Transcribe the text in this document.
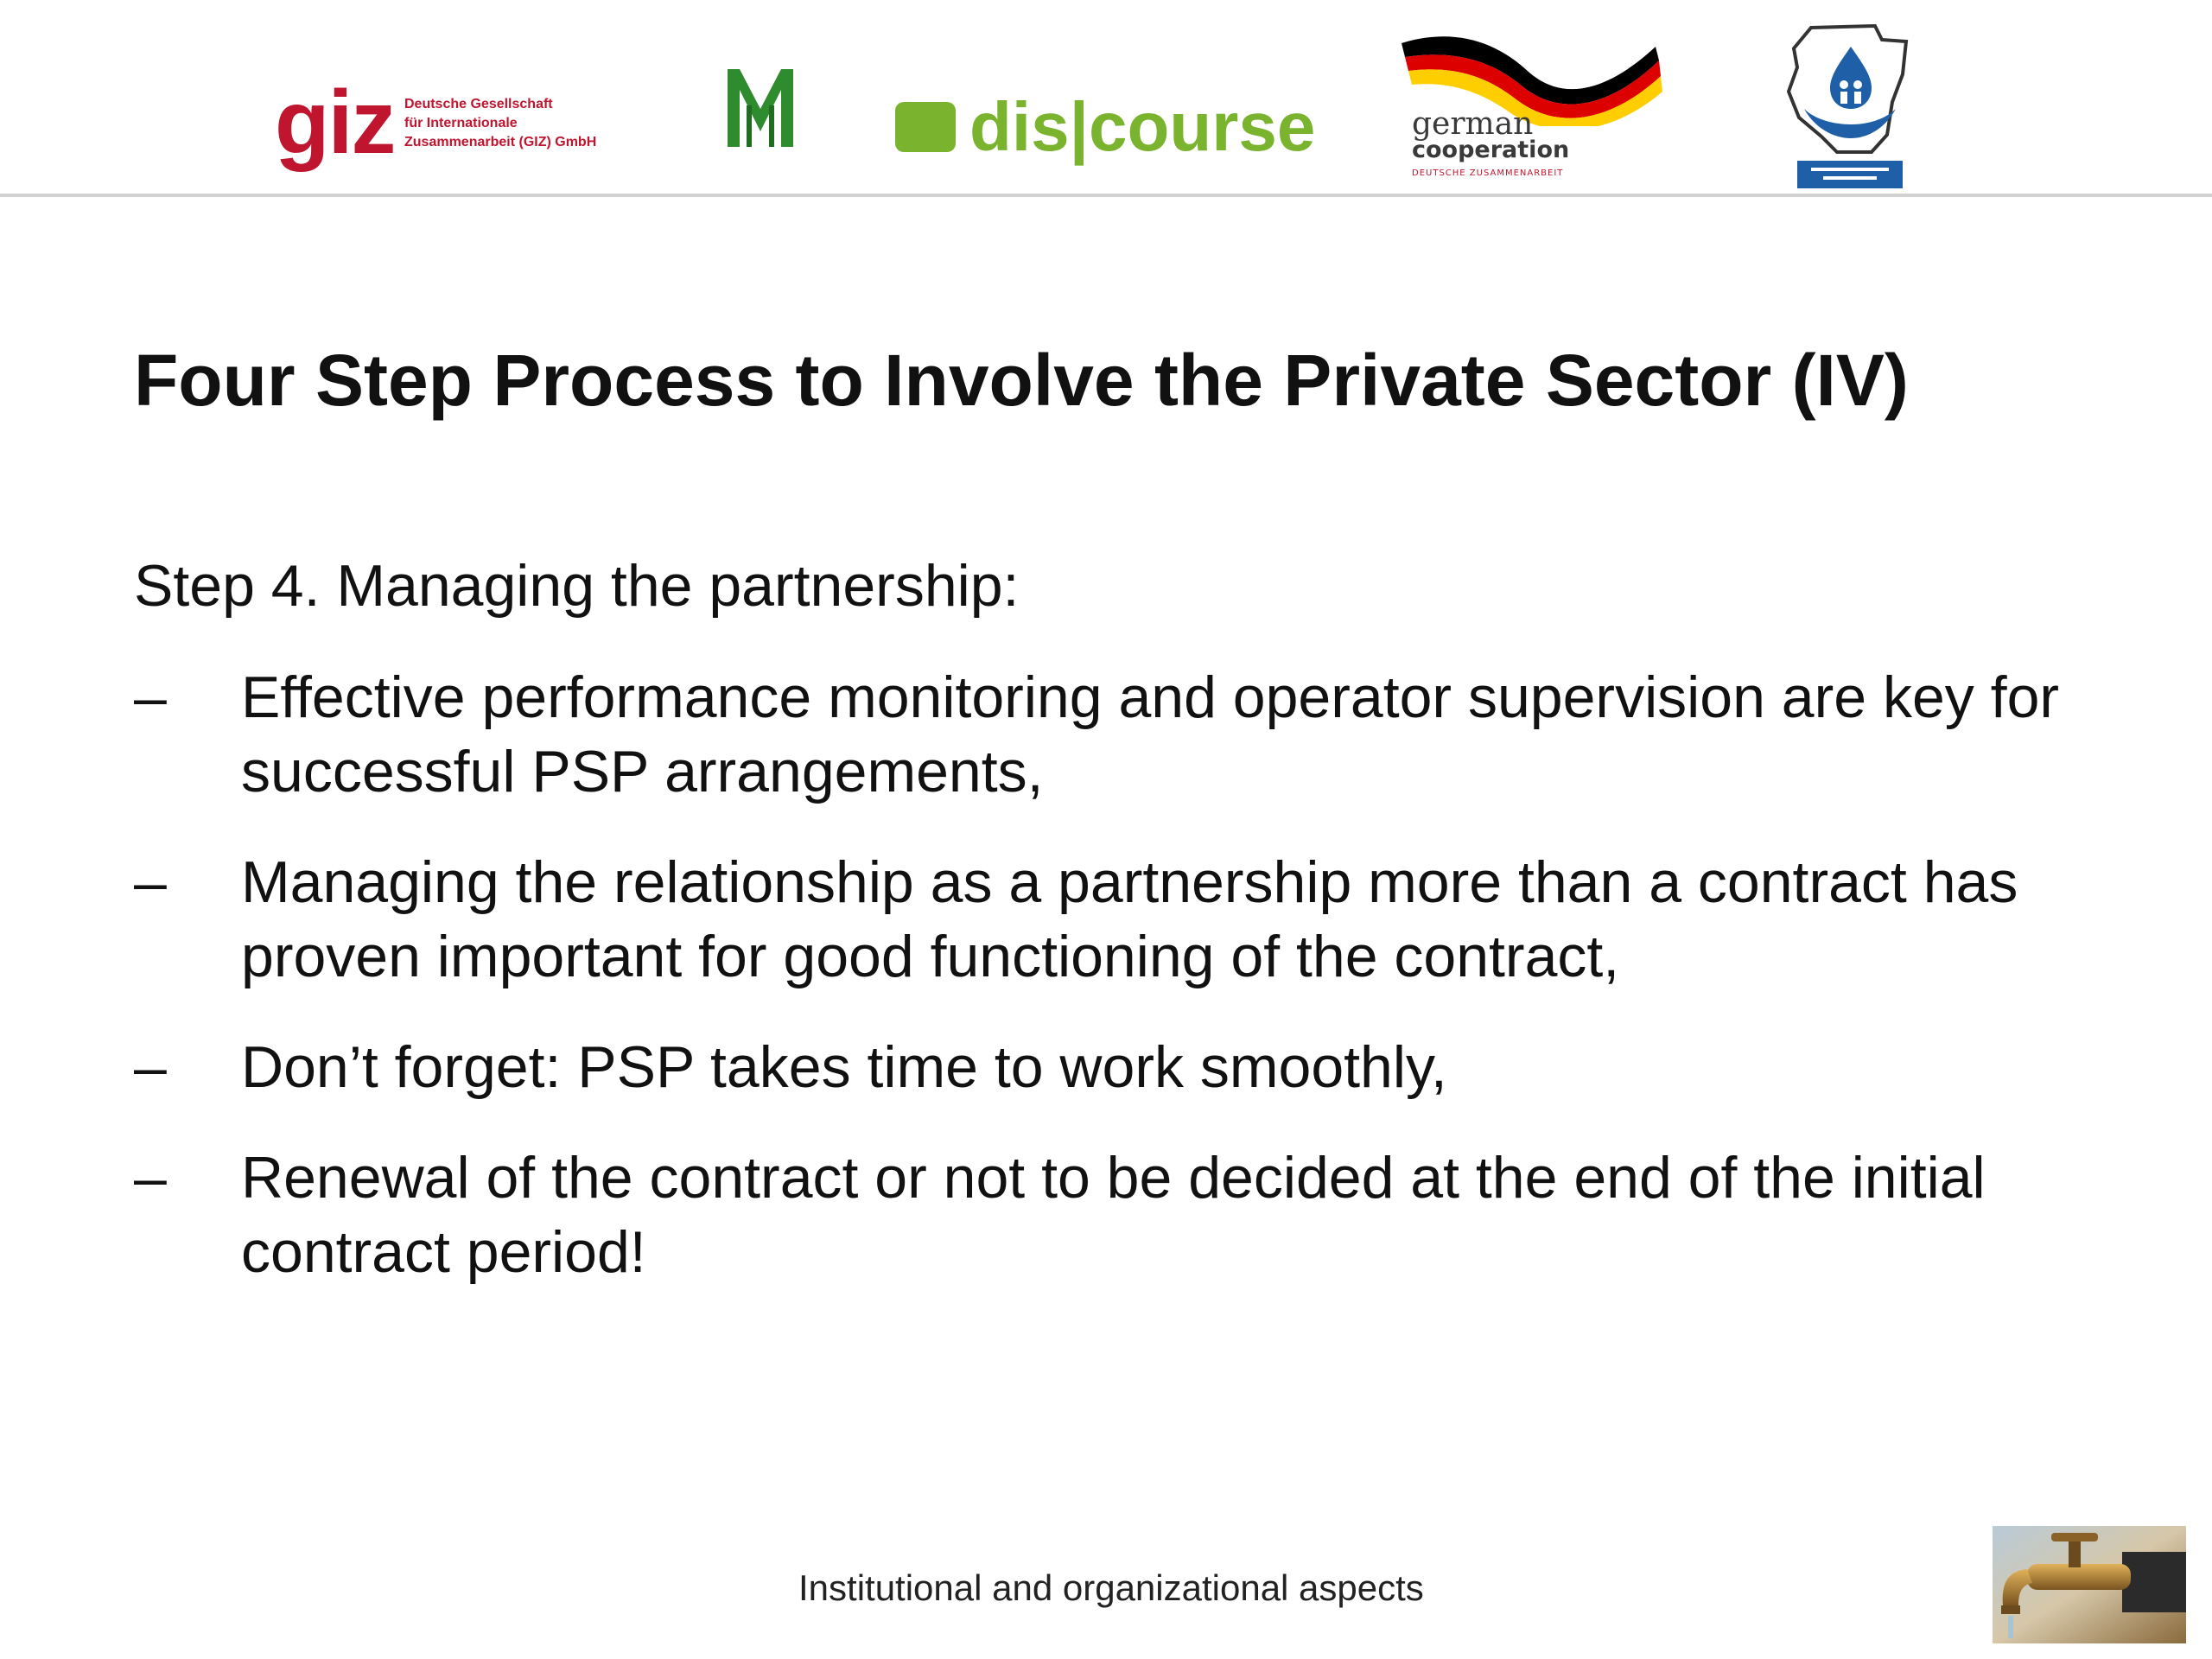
giz Deutsche Gesellschaft
für Internationale
Zusammenarbeit (GIZ) GmbH	dis|course	german
cooperation
DEUTSCHE ZUSAMMENARBEIT
Four Step Process to Involve the Private Sector (IV)
Step 4. Managing the partnership:
– Effective performance monitoring and operator supervision are key for successful PSP arrangements,
– Managing the relationship as a partnership more than a contract has proven important for good functioning of the contract,
– Don’t forget: PSP takes time to work smoothly,
– Renewal of the contract or not to be decided at the end of the initial contract period!
Institutional and organizational aspects
